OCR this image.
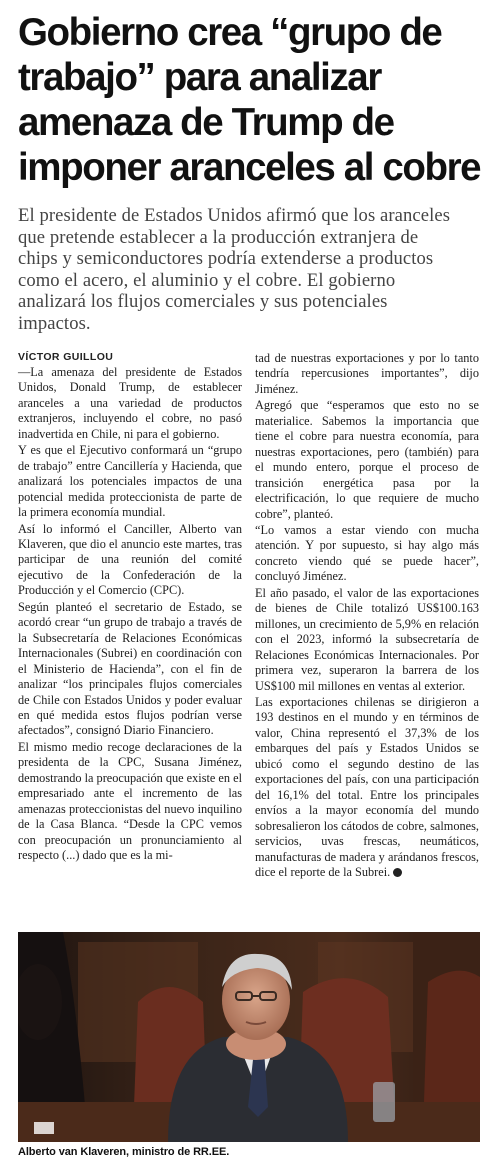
Gobierno crea “grupo de
trabajo” para analizar
amenaza de Trump de
imponer aranceles al cobre
El presidente de Estados Unidos afirmó que los aranceles
que pretende establecer a la producción extranjera de
chips y semiconductores podría extenderse a productos
como el acero, el aluminio y el cobre. El gobierno
analizará los flujos comerciales y sus potenciales
impactos.
VÍCTOR GUILLOU

—La amenaza del presidente de Estados Unidos, Donald Trump, de establecer aranceles a una variedad de productos extranjeros, incluyendo el cobre, no pasó inadvertida en Chile, ni para el gobierno.

Y es que el Ejecutivo conformará un “grupo de trabajo” entre Cancillería y Hacienda, que analizará los potenciales impactos de una potencial medida proteccionista de parte de la primera economía mundial.

Así lo informó el Canciller, Alberto van Klaveren, que dio el anuncio este martes, tras participar de una reunión del comité ejecutivo de la Confederación de la Producción y el Comercio (CPC).

Según planteó el secretario de Estado, se acordó crear “un grupo de trabajo a través de la Subsecretaría de Relaciones Económicas Internacionales (Subrei) en coordinación con el Ministerio de Hacienda”, con el fin de analizar “los principales flujos comerciales de Chile con Estados Unidos y poder evaluar en qué medida estos flujos podrían verse afectados”, consignó Diario Financiero.

El mismo medio recoge declaraciones de la presidenta de la CPC, Susana Jiménez, demostrando la preocupación que existe en el empresariado ante el incremento de las amenazas proteccionistas del nuevo inquilino de la Casa Blanca. “Desde la CPC vemos con preocupación un pronunciamiento al respecto (...) dado que es la mi-

tad de nuestras exportaciones y por lo tanto tendría repercusiones importantes”, dijo Jiménez.

Agregó que “esperamos que esto no se materialice. Sabemos la importancia que tiene el cobre para nuestra economía, para nuestras exportaciones, pero (también) para el mundo entero, porque el proceso de transición energética pasa por la electrificación, lo que requiere de mucho cobre”, planteó.

“Lo vamos a estar viendo con mucha atención. Y por supuesto, si hay algo más concreto viendo qué se puede hacer”, concluyó Jiménez.

El año pasado, el valor de las exportaciones de bienes de Chile totalizó US$100.163 millones, un crecimiento de 5,9% en relación con el 2023, informó la subsecretaría de Relaciones Económicas Internacionales. Por primera vez, superaron la barrera de los US$100 mil millones en ventas al exterior.

Las exportaciones chilenas se dirigieron a 193 destinos en el mundo y en términos de valor, China representó el 37,3% de los embarques del país y Estados Unidos se ubicó como el segundo destino de las exportaciones del país, con una participación del 16,1% del total. Entre los principales envíos a la mayor economía del mundo sobresalieron los cátodos de cobre, salmones, servicios, uvas frescas, neumáticos, manufacturas de madera y arándanos frescos, dice el reporte de la Subrei.

Alberto van Klaveren, ministro de RR.EE.
